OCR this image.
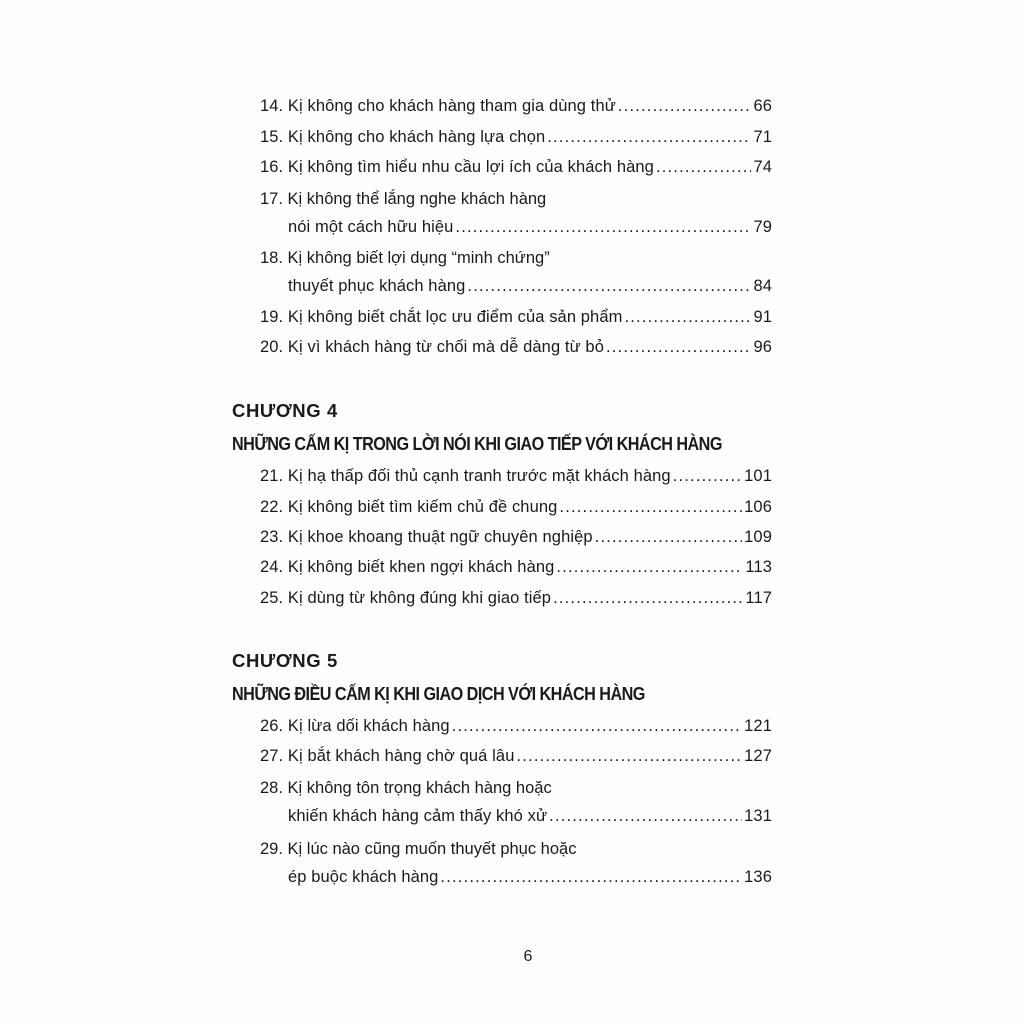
14. Kị không cho khách hàng tham gia dùng thử .....	66
15. Kị không cho khách hàng lựa chọn .....	71
16. Kị không tìm hiểu nhu cầu lợi ích của khách hàng .....	74
17. Kị không thể lắng nghe khách hàng
nói một cách hữu hiệu .....	79
18. Kị không biết lợi dụng “minh chứng”
thuyết phục khách hàng .....	84
19. Kị không biết chắt lọc ưu điểm của sản phẩm .....	91
20. Kị vì khách hàng từ chối mà dễ dàng từ bỏ .....	96
CHƯƠNG 4
NHỮNG CẤM KỊ TRONG LỜI NÓI KHI GIAO TIẾP VỚI KHÁCH HÀNG
21. Kị hạ thấp đối thủ cạnh tranh trước mặt khách hàng .....	101
22. Kị không biết tìm kiếm chủ đề chung .....	106
23. Kị khoe khoang thuật ngữ chuyên nghiệp .....	109
24. Kị không biết khen ngợi khách hàng .....	113
25. Kị dùng từ không đúng khi giao tiếp .....	117
CHƯƠNG 5
NHỮNG ĐIỀU CẤM KỊ KHI GIAO DỊCH VỚI KHÁCH HÀNG
26. Kị lừa dối khách hàng .....	121
27. Kị bắt khách hàng chờ quá lâu .....	127
28. Kị không tôn trọng khách hàng hoặc
khiến khách hàng cảm thấy khó xử .....	131
29. Kị lúc nào cũng muốn thuyết phục hoặc
ép buộc khách hàng .....	136
6
